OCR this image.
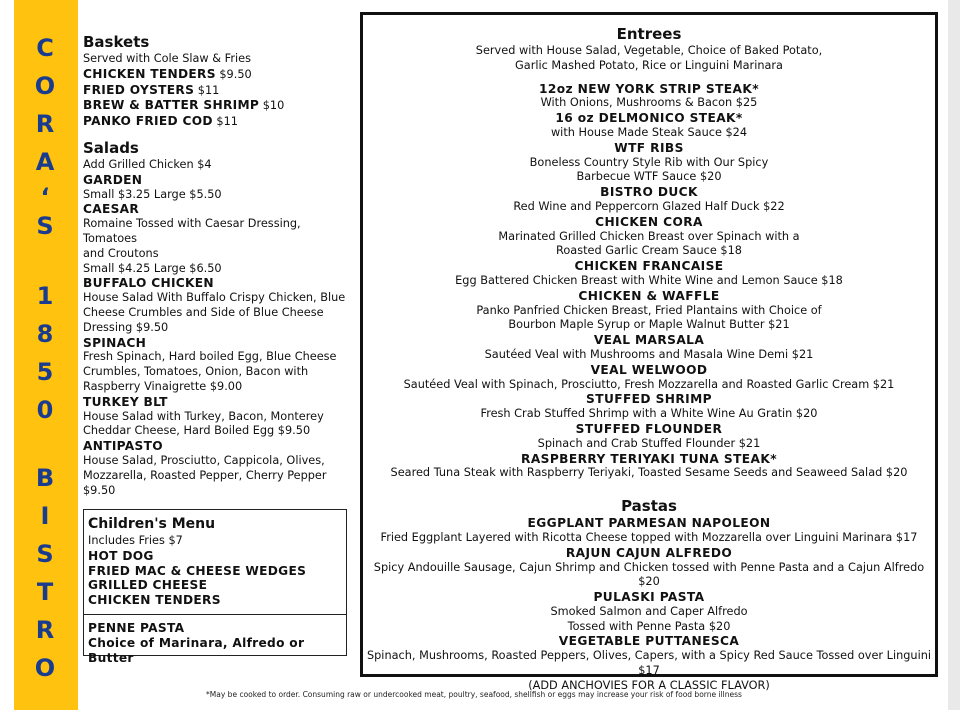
C
O
R
A
‘
S
1
8
5
0
B
I
S
T
R
O
Baskets
Served with Cole Slaw & Fries
CHICKEN TENDERS $9.50
FRIED OYSTERS $11
BREW & BATTER SHRIMP $10
PANKO FRIED COD $11
Salads
Add Grilled Chicken $4
GARDEN
Small $3.25 Large $5.50
CAESAR
Romaine Tossed with Caesar Dressing, Tomatoes
and Croutons
Small $4.25 Large $6.50
BUFFALO CHICKEN
House Salad With Buffalo Crispy Chicken, Blue
Cheese Crumbles and Side of Blue Cheese
Dressing $9.50
SPINACH
Fresh Spinach, Hard boiled Egg, Blue Cheese
Crumbles, Tomatoes, Onion, Bacon with
Raspberry Vinaigrette $9.00
TURKEY BLT
House Salad with Turkey, Bacon, Monterey
Cheddar Cheese, Hard Boiled Egg $9.50
ANTIPASTO
House Salad, Prosciutto, Cappicola, Olives,
Mozzarella, Roasted Pepper, Cherry Pepper $9.50
Children's Menu
Includes Fries $7
HOT DOG
FRIED MAC & CHEESE WEDGES
GRILLED CHEESE
CHICKEN TENDERS
PENNE PASTA
Choice of Marinara, Alfredo or Butter
Entrees
Served with House Salad, Vegetable, Choice of Baked Potato,
Garlic Mashed Potato, Rice or Linguini Marinara
12oz NEW YORK STRIP STEAK*
With Onions, Mushrooms & Bacon $25
16 oz DELMONICO STEAK*
with House Made Steak Sauce $24
WTF RIBS
Boneless Country Style Rib with Our Spicy
Barbecue WTF Sauce $20
BISTRO DUCK
Red Wine and Peppercorn Glazed Half Duck $22
CHICKEN CORA
Marinated Grilled Chicken Breast over Spinach with a
Roasted Garlic Cream Sauce $18
CHICKEN FRANCAISE
Egg Battered Chicken Breast with White Wine and Lemon Sauce $18
CHICKEN & WAFFLE
Panko Panfried Chicken Breast, Fried Plantains with Choice of
Bourbon Maple Syrup or Maple Walnut Butter $21
VEAL MARSALA
Sautéed Veal with Mushrooms and Masala Wine Demi $21
VEAL WELWOOD
Sautéed Veal with Spinach, Prosciutto, Fresh Mozzarella and Roasted Garlic Cream $21
STUFFED SHRIMP
Fresh Crab Stuffed Shrimp with a White Wine Au Gratin $20
STUFFED FLOUNDER
Spinach and Crab Stuffed Flounder $21
RASPBERRY TERIYAKI TUNA STEAK*
Seared Tuna Steak with Raspberry Teriyaki, Toasted Sesame Seeds and Seaweed Salad $20
Pastas
EGGPLANT PARMESAN NAPOLEON
Fried Eggplant Layered with Ricotta Cheese topped with Mozzarella over Linguini Marinara $17
RAJUN CAJUN ALFREDO
Spicy Andouille Sausage, Cajun Shrimp and Chicken tossed with Penne Pasta and a Cajun Alfredo $20
PULASKI PASTA
Smoked Salmon and Caper Alfredo
Tossed with Penne Pasta $20
VEGETABLE PUTTANESCA
Spinach, Mushrooms, Roasted Peppers, Olives, Capers, with a Spicy Red Sauce Tossed over Linguini $17
(ADD ANCHOVIES FOR A CLASSIC FLAVOR)
*May be cooked to order. Consuming raw or undercooked meat, poultry, seafood, shellfish or eggs may increase your risk of food borne illness
